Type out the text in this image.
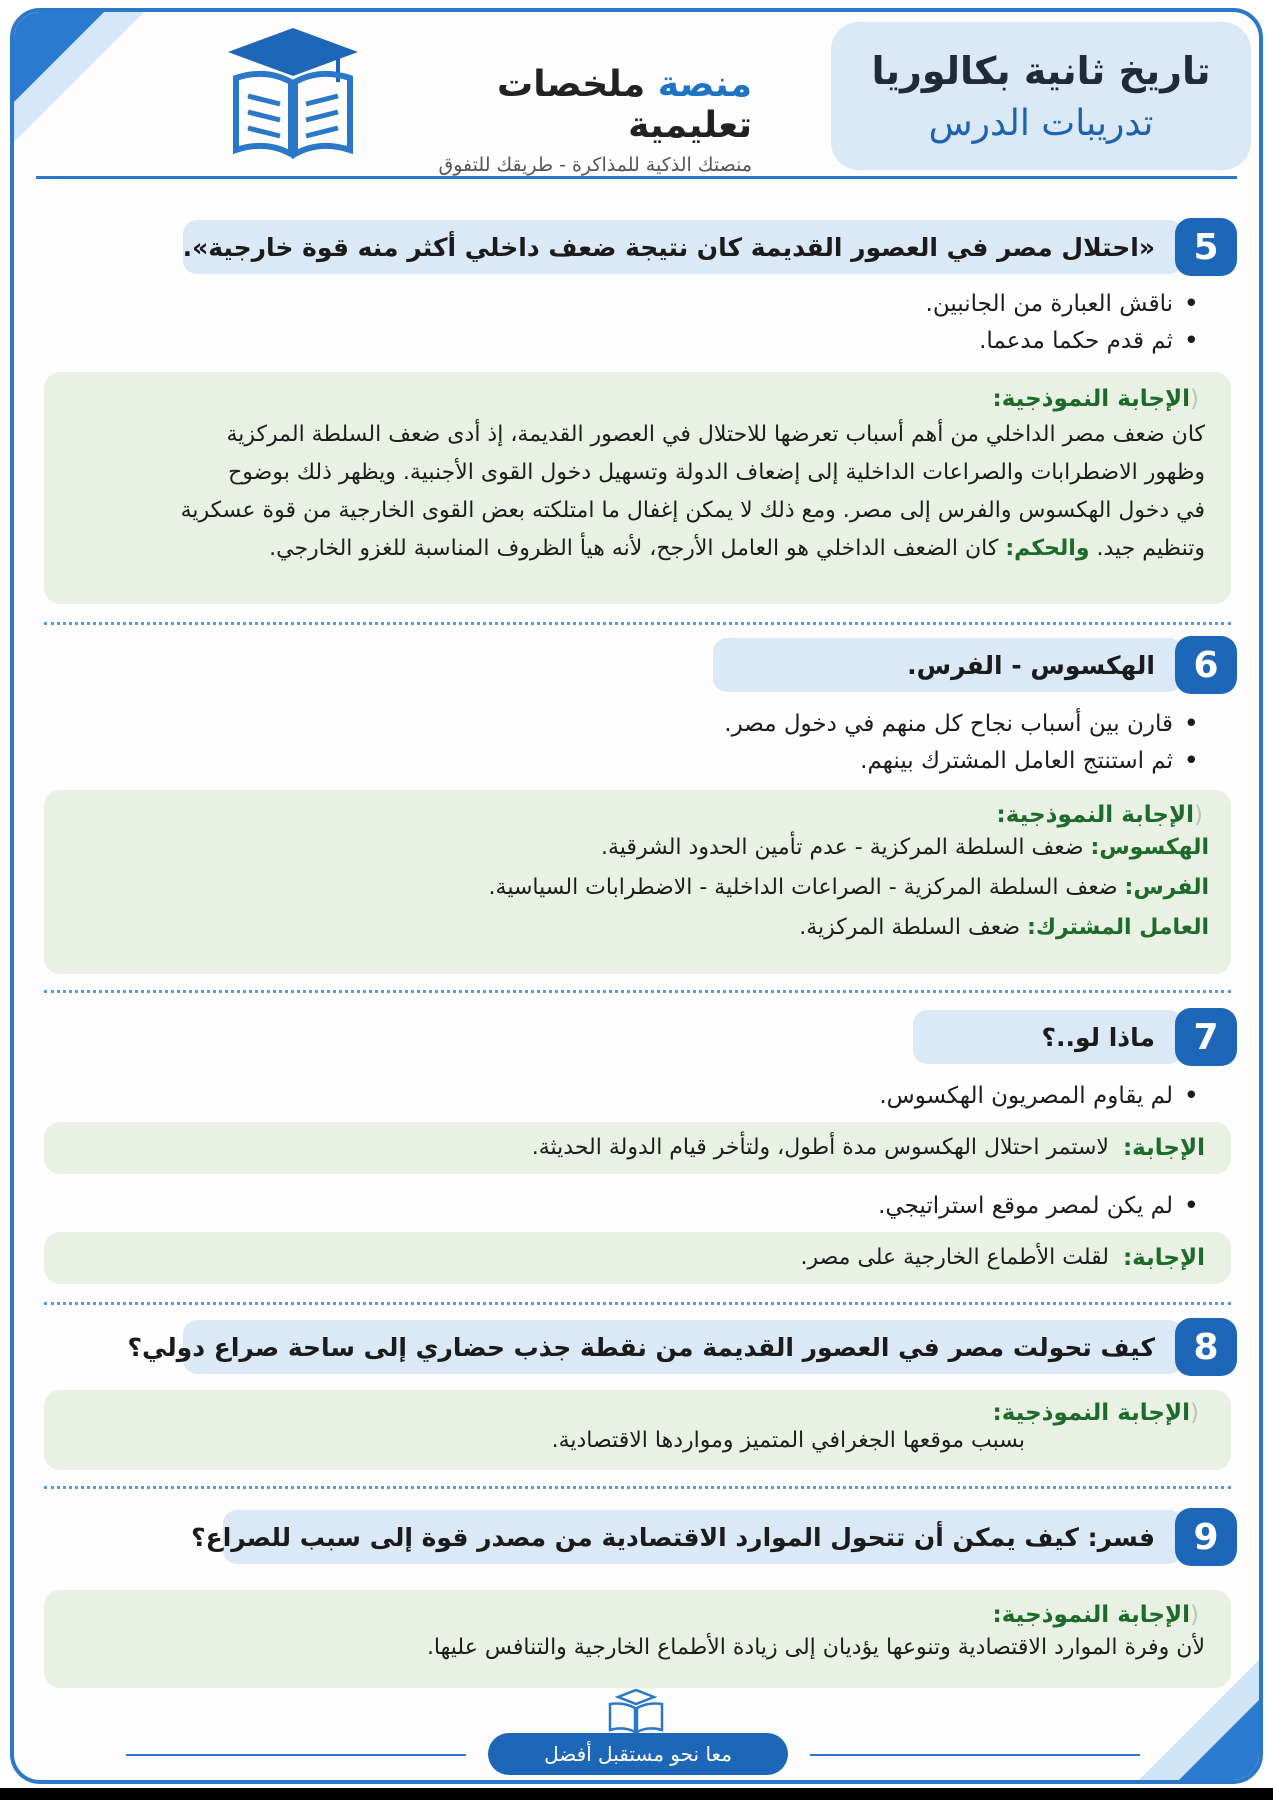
تاريخ ثانية بكالوريا
تدريبات الدرس
منصة ملخصات تعليمية
منصتك الذكية للمذاكرة - طريقك للتفوق
5
«احتلال مصر في العصور القديمة كان نتيجة ضعف داخلي أكثر منه قوة خارجية».
• ناقش العبارة من الجانبين.
• ثم قدم حكما مدعما.
(الإجابة النموذجية:
كان ضعف مصر الداخلي من أهم أسباب تعرضها للاحتلال في العصور القديمة، إذ أدى ضعف السلطة المركزية
وظهور الاضطرابات والصراعات الداخلية إلى إضعاف الدولة وتسهيل دخول القوى الأجنبية. ويظهر ذلك بوضوح
في دخول الهكسوس والفرس إلى مصر. ومع ذلك لا يمكن إغفال ما امتلكته بعض القوى الخارجية من قوة عسكرية
وتنظيم جيد. والحكم: كان الضعف الداخلي هو العامل الأرجح، لأنه هيأ الظروف المناسبة للغزو الخارجي.
6
الهكسوس - الفرس.
• قارن بين أسباب نجاح كل منهم في دخول مصر.
• ثم استنتج العامل المشترك بينهم.
(الإجابة النموذجية:
الهكسوس: ضعف السلطة المركزية - عدم تأمين الحدود الشرقية.
الفرس: ضعف السلطة المركزية - الصراعات الداخلية - الاضطرابات السياسية.
العامل المشترك: ضعف السلطة المركزية.
7
ماذا لو..؟
• لم يقاوم المصريون الهكسوس.
الإجابة:
لاستمر احتلال الهكسوس مدة أطول، ولتأخر قيام الدولة الحديثة.
• لم يكن لمصر موقع استراتيجي.
الإجابة:
لقلت الأطماع الخارجية على مصر.
8
كيف تحولت مصر في العصور القديمة من نقطة جذب حضاري إلى ساحة صراع دولي؟
(الإجابة النموذجية:
بسبب موقعها الجغرافي المتميز ومواردها الاقتصادية.
9
فسر: كيف يمكن أن تتحول الموارد الاقتصادية من مصدر قوة إلى سبب للصراع؟
(الإجابة النموذجية:
لأن وفرة الموارد الاقتصادية وتنوعها يؤديان إلى زيادة الأطماع الخارجية والتنافس عليها.
معا نحو مستقبل أفضل
